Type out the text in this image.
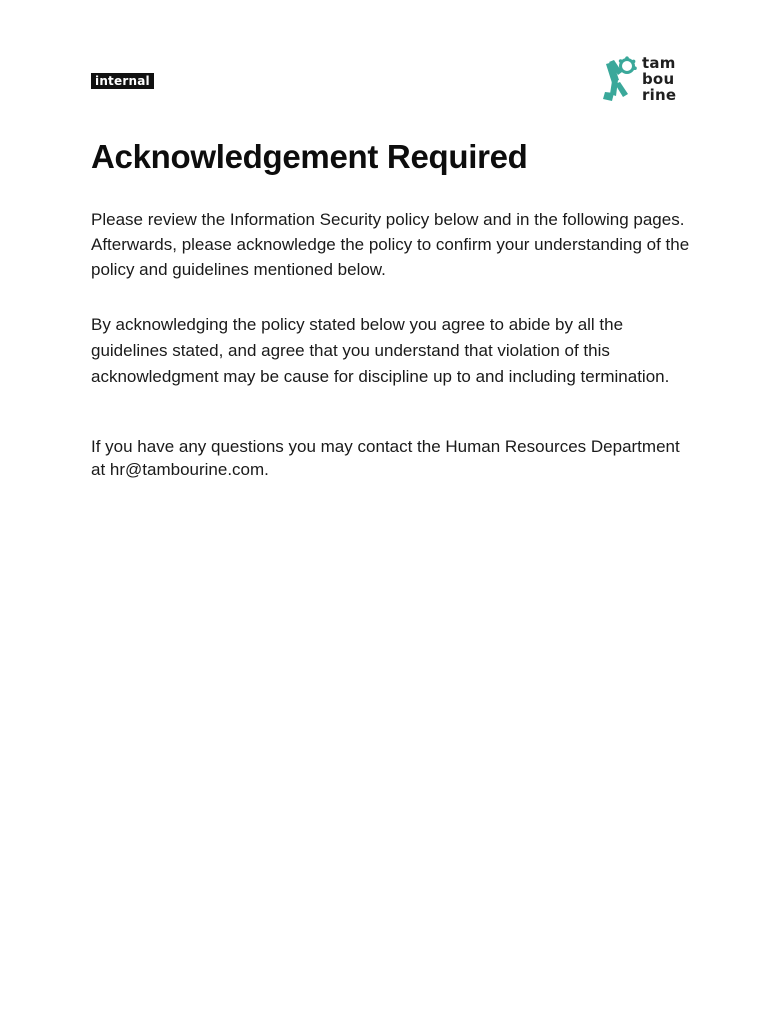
internal
tam
bou
rine
Acknowledgement Required

Please review the Information Security policy below and in the following pages. Afterwards, please acknowledge the policy to confirm your understanding of the policy and guidelines mentioned below.

By acknowledging the policy stated below you agree to abide by all the guidelines stated, and agree that you understand that violation of this acknowledgment may be cause for discipline up to and including termination.

If you have any questions you may contact the Human Resources Department at hr@tambourine.com.
